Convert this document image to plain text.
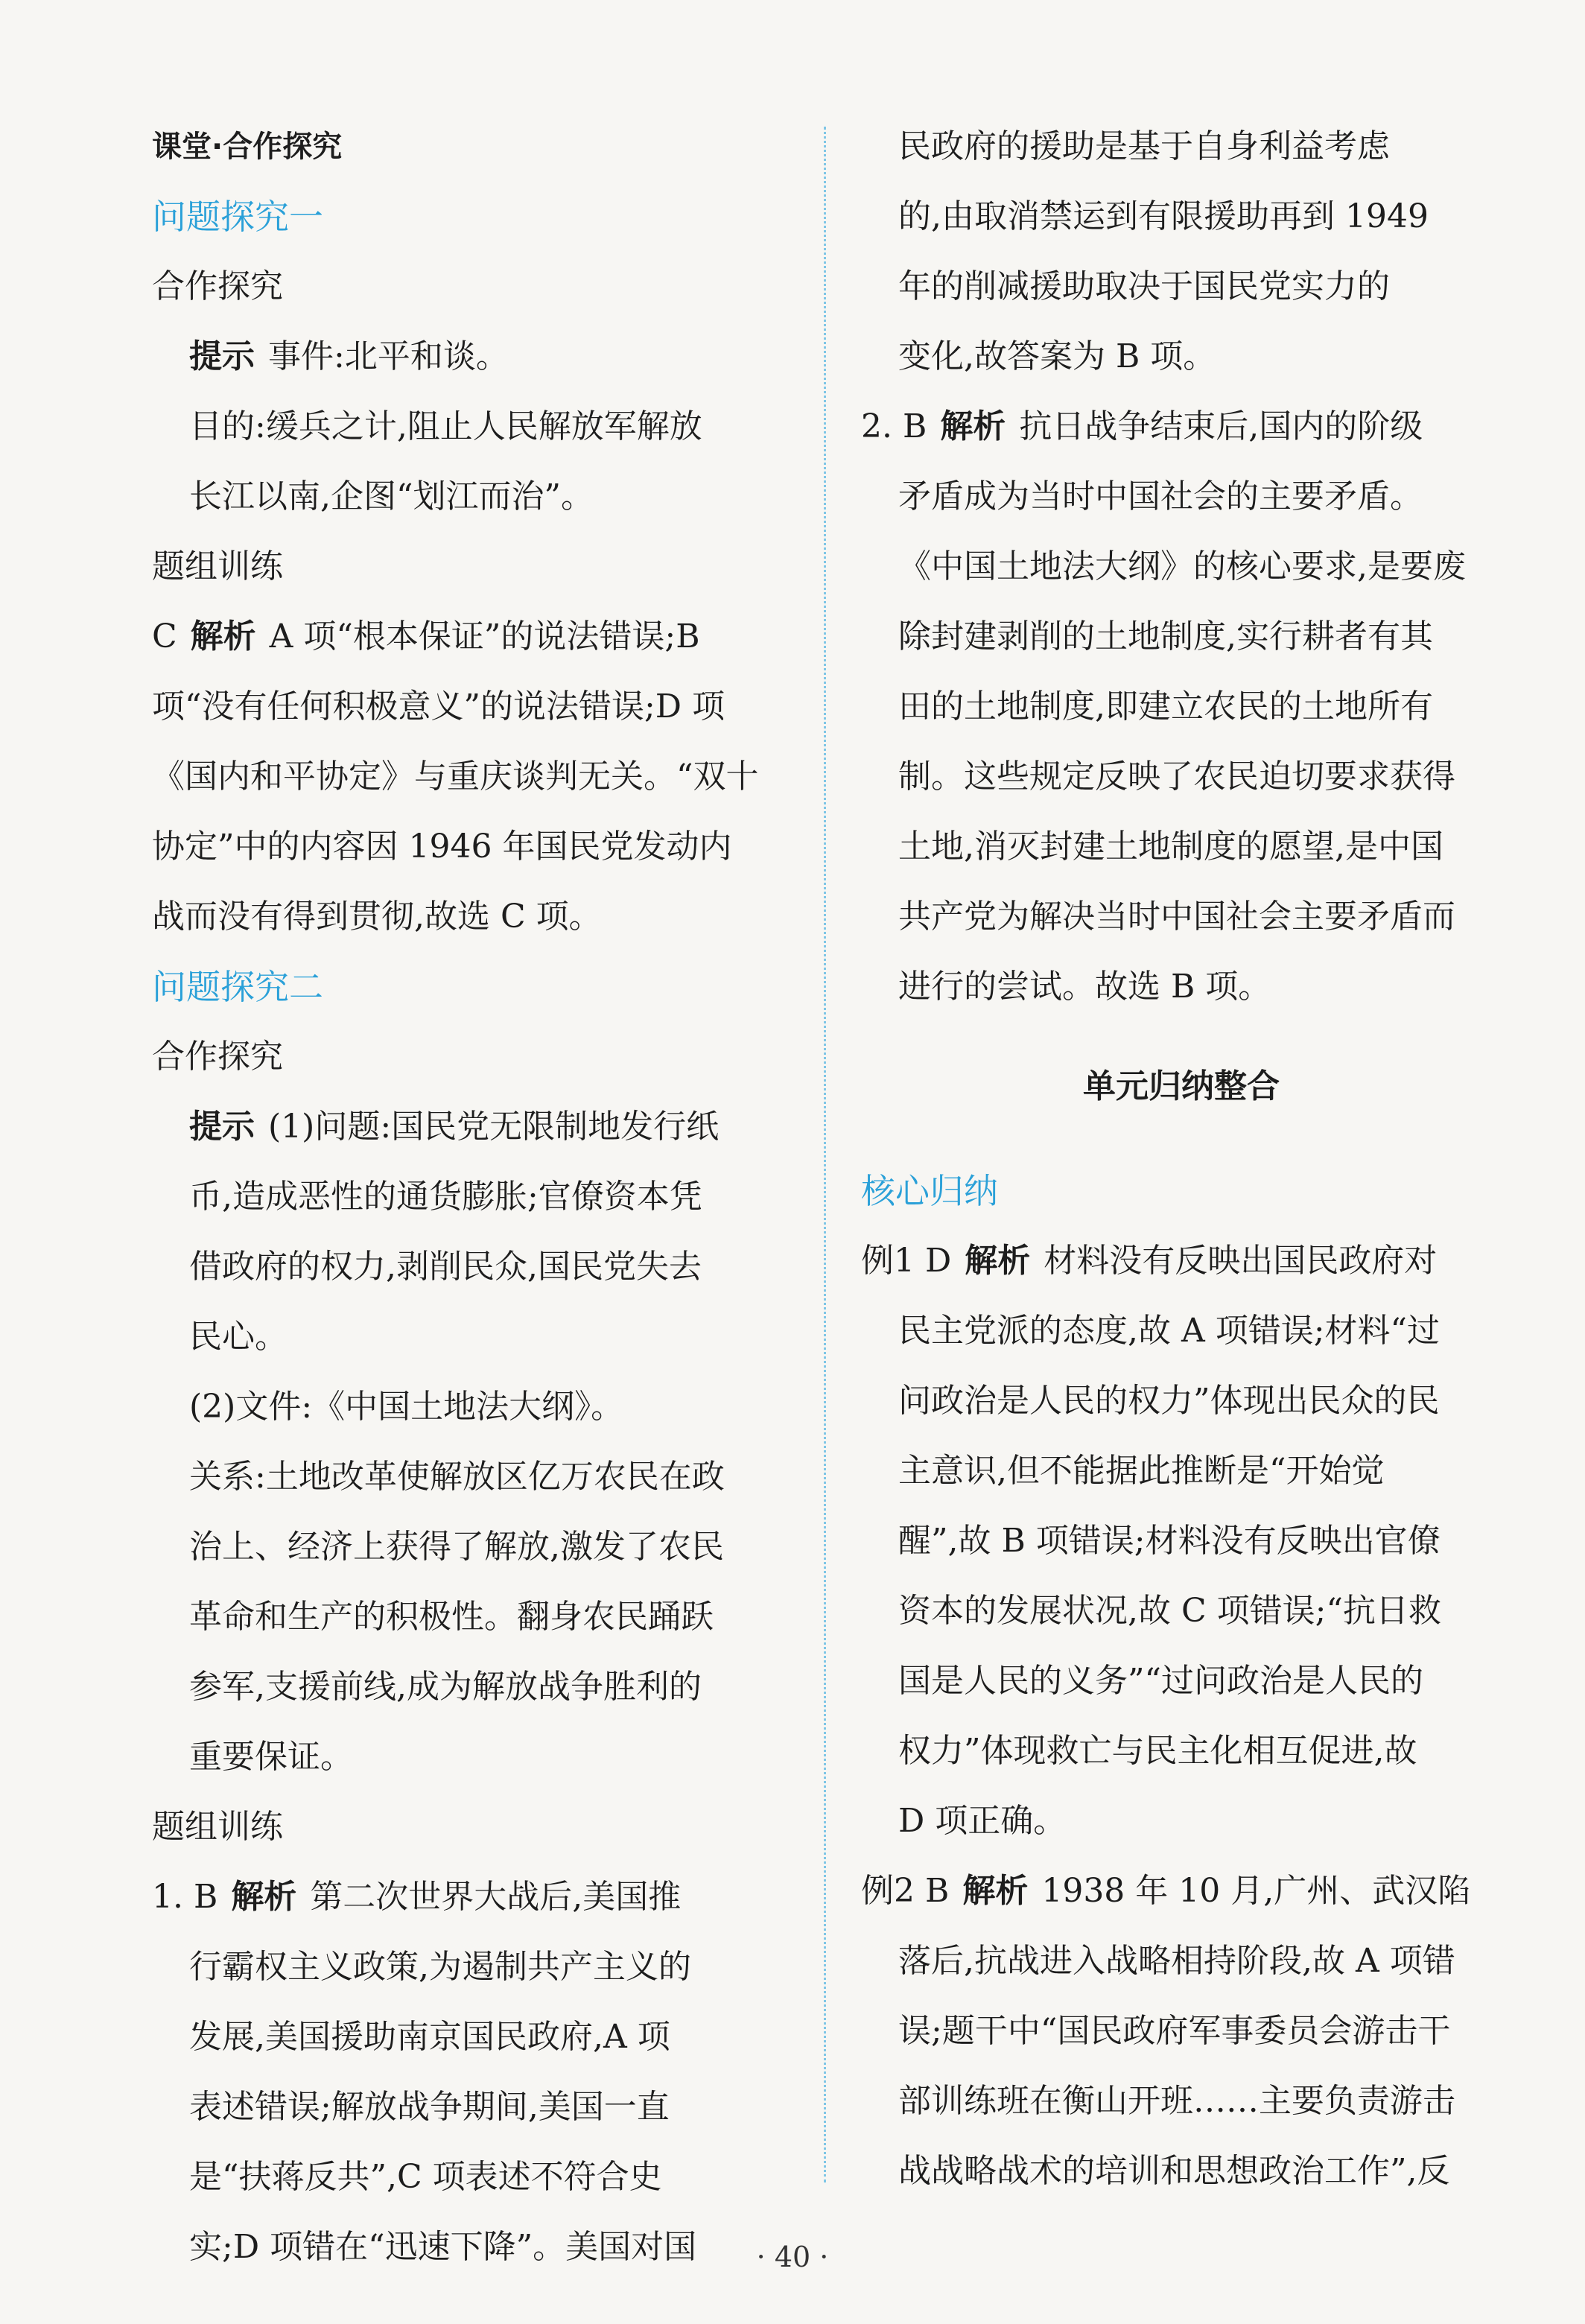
课堂·合作探究
问题探究一
合作探究
提示 事件:北平和谈。
目的:缓兵之计,阻止人民解放军解放
长江以南,企图“划江而治”。
题组训练
C 解析 A 项“根本保证”的说法错误;B
项“没有任何积极意义”的说法错误;D 项
《国内和平协定》与重庆谈判无关。“双十
协定”中的内容因 1946 年国民党发动内
战而没有得到贯彻,故选 C 项。
问题探究二
合作探究
提示 (1)问题:国民党无限制地发行纸
币,造成恶性的通货膨胀;官僚资本凭
借政府的权力,剥削民众,国民党失去
民心。
(2)文件:《中国土地法大纲》。
关系:土地改革使解放区亿万农民在政
治上、经济上获得了解放,激发了农民
革命和生产的积极性。翻身农民踊跃
参军,支援前线,成为解放战争胜利的
重要保证。
题组训练
1. B 解析 第二次世界大战后,美国推
行霸权主义政策,为遏制共产主义的
发展,美国援助南京国民政府,A 项
表述错误;解放战争期间,美国一直
是“扶蒋反共”,C 项表述不符合史
实;D 项错在“迅速下降”。美国对国
民政府的援助是基于自身利益考虑
的,由取消禁运到有限援助再到 1949
年的削减援助取决于国民党实力的
变化,故答案为 B 项。
2. B 解析 抗日战争结束后,国内的阶级
矛盾成为当时中国社会的主要矛盾。
《中国土地法大纲》的核心要求,是要废
除封建剥削的土地制度,实行耕者有其
田的土地制度,即建立农民的土地所有
制。这些规定反映了农民迫切要求获得
土地,消灭封建土地制度的愿望,是中国
共产党为解决当时中国社会主要矛盾而
进行的尝试。故选 B 项。
单元归纳整合
核心归纳
例1 D 解析 材料没有反映出国民政府对
民主党派的态度,故 A 项错误;材料“过
问政治是人民的权力”体现出民众的民
主意识,但不能据此推断是“开始觉
醒”,故 B 项错误;材料没有反映出官僚
资本的发展状况,故 C 项错误;“抗日救
国是人民的义务”“过问政治是人民的
权力”体现救亡与民主化相互促进,故
D 项正确。
例2 B 解析 1938 年 10 月,广州、武汉陷
落后,抗战进入战略相持阶段,故 A 项错
误;题干中“国民政府军事委员会游击干
部训练班在衡山开班……主要负责游击
战战略战术的培训和思想政治工作”,反
· 40 ·
